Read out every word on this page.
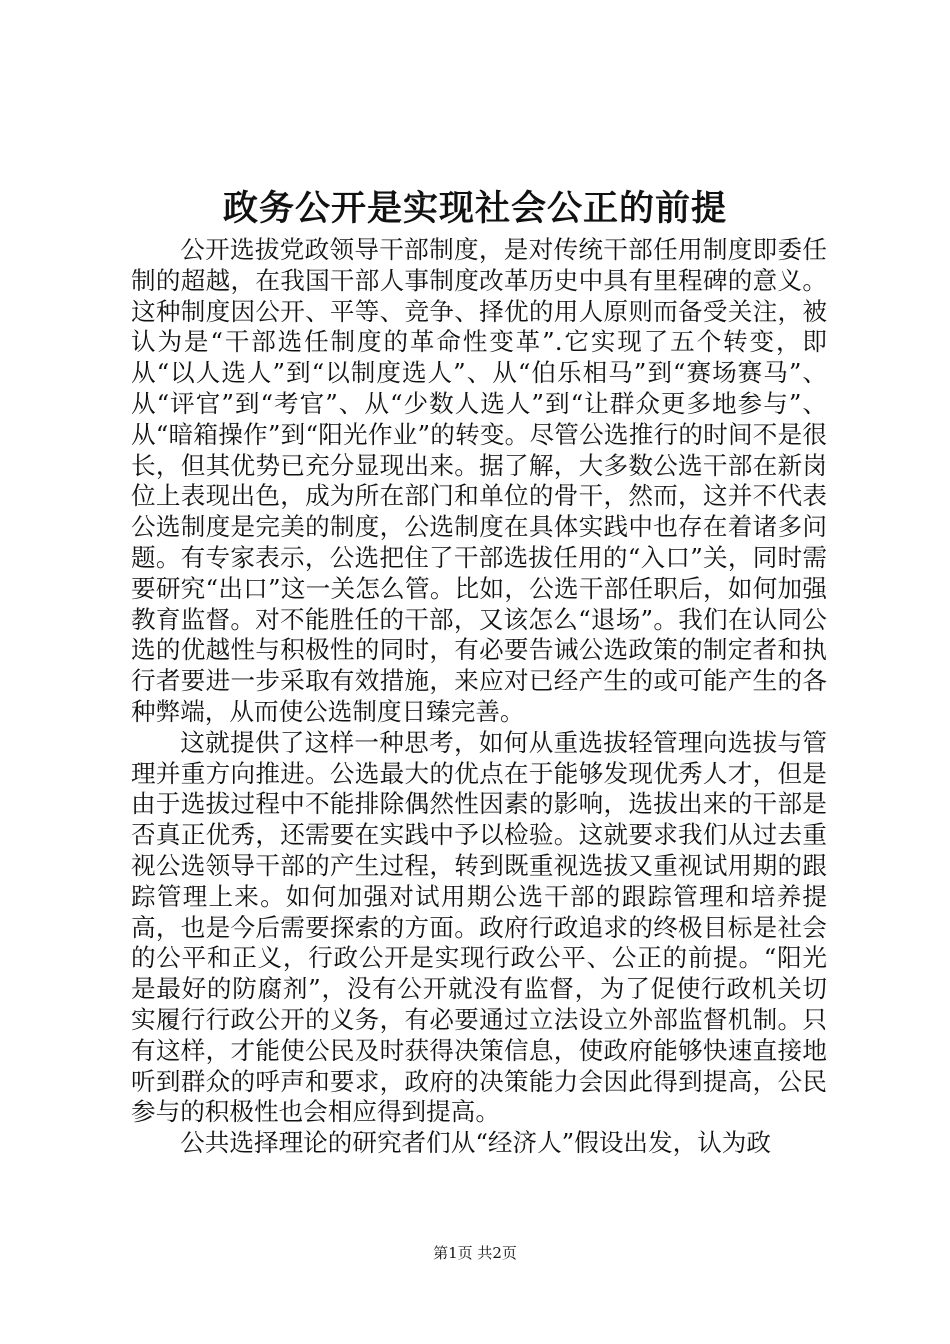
政务公开是实现社会公正的前提

公开选拔党政领导干部制度，是对传统干部任用制度即委任制的超越，在我国干部人事制度改革历史中具有里程碑的意义。这种制度因公开、平等、竞争、择优的用人原则而备受关注，被认为是“干部选任制度的革命性变革”.它实现了五个转变，即从“以人选人”到“以制度选人”、从“伯乐相马”到“赛场赛马”、从“评官”到“考官”、从“少数人选人”到“让群众更多地参与”、从“暗箱操作”到“阳光作业”的转变。尽管公选推行的时间不是很长，但其优势已充分显现出来。据了解，大多数公选干部在新岗位上表现出色，成为所在部门和单位的骨干，然而，这并不代表公选制度是完美的制度，公选制度在具体实践中也存在着诸多问题。有专家表示，公选把住了干部选拔任用的“入口”关，同时需要研究“出口”这一关怎么管。比如，公选干部任职后，如何加强教育监督。对不能胜任的干部，又该怎么“退场”。我们在认同公选的优越性与积极性的同时，有必要告诫公选政策的制定者和执行者要进一步采取有效措施，来应对已经产生的或可能产生的各种弊端，从而使公选制度日臻完善。

这就提供了这样一种思考，如何从重选拔轻管理向选拔与管理并重方向推进。公选最大的优点在于能够发现优秀人才，但是由于选拔过程中不能排除偶然性因素的影响，选拔出来的干部是否真正优秀，还需要在实践中予以检验。这就要求我们从过去重视公选领导干部的产生过程，转到既重视选拔又重视试用期的跟踪管理上来。如何加强对试用期公选干部的跟踪管理和培养提高，也是今后需要探索的方面。政府行政追求的终极目标是社会的公平和正义，行政公开是实现行政公平、公正的前提。“阳光是最好的防腐剂”，没有公开就没有监督，为了促使行政机关切实履行行政公开的义务，有必要通过立法设立外部监督机制。只有这样，才能使公民及时获得决策信息，使政府能够快速直接地听到群众的呼声和要求，政府的决策能力会因此得到提高，公民参与的积极性也会相应得到提高。

公共选择理论的研究者们从“经济人”假设出发，认为政

第1页 共2页
